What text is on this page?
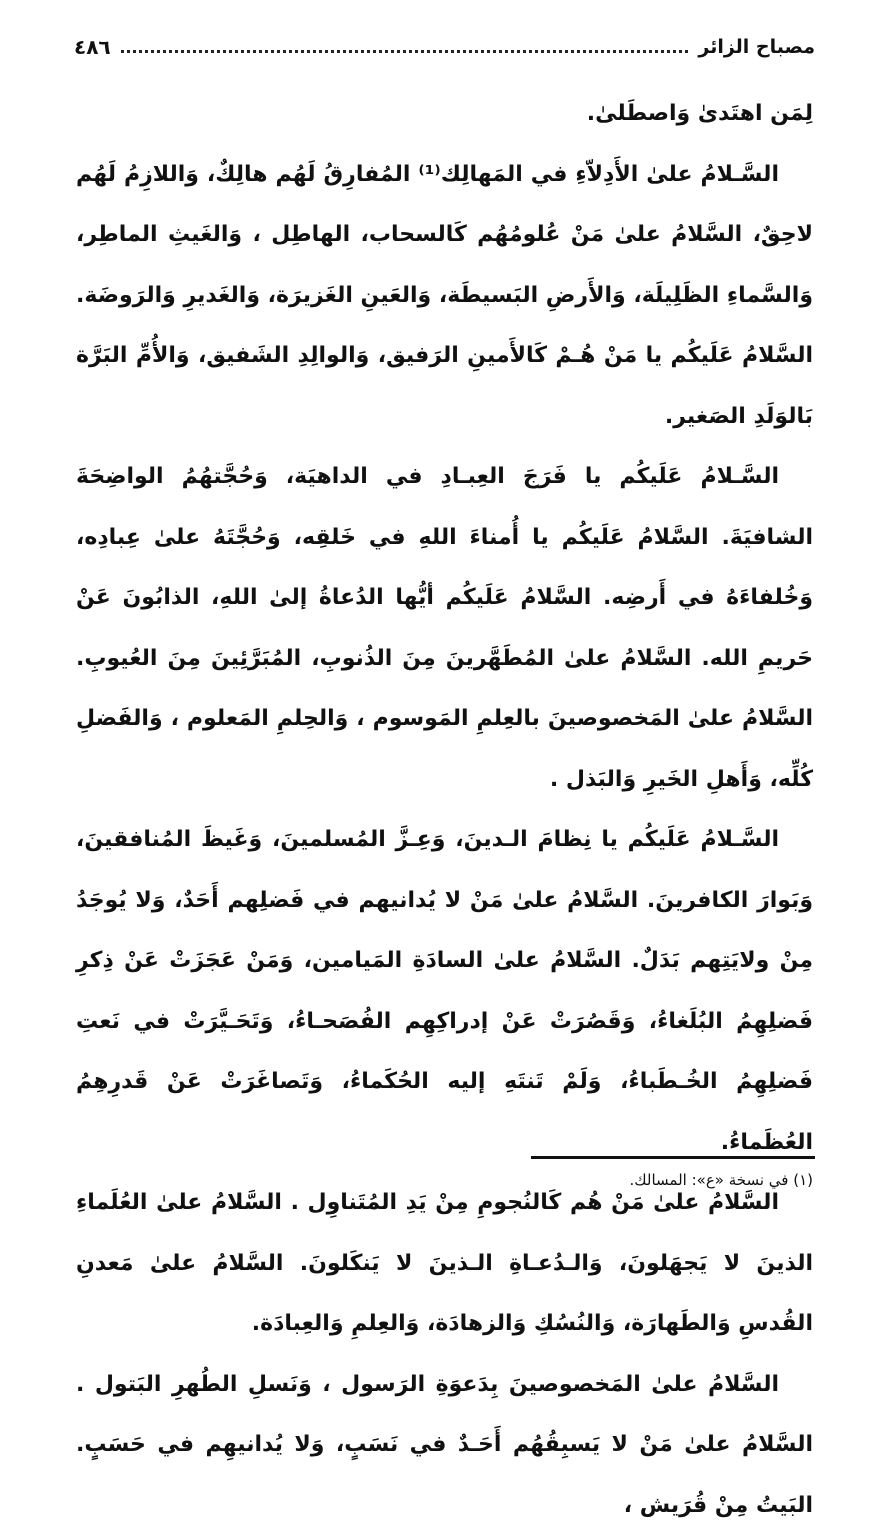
مصباح الزائر
٤٨٦

لِمَن اهتَدىٰ وَاصطَلىٰ.

السَّـلامُ علىٰ الأَدِلاّءِ في المَهالِك⁽¹⁾ المُفارِقُ لَهُم هالِكٌ، وَاللازِمُ لَهُم لاحِقٌ، السَّلامُ علىٰ مَنْ عُلومُهُم كَالسحاب، الهاطِل ، وَالغَيثِ الماطِر، وَالسَّماءِ الظَلِيلَة، وَالأَرضِ البَسيطَة، وَالعَينِ الغَزيرَة، وَالغَديرِ وَالرَوضَة. السَّلامُ عَلَيكُم يا مَنْ هُـمْ كَالأَمينِ الرَفيق، وَالوالِدِ الشَفيق، وَالأُمِّ البَرَّة بَالوَلَدِ الصَغير.

السَّـلامُ عَلَيكُم يا فَرَجَ العِبـادِ في الداهيَة، وَحُجَّتهُمُ الواضِحَةَ الشافيَةَ. السَّلامُ عَلَيكُم يا أُمناءَ اللهِ في خَلقِه، وَحُجَّتَهُ علىٰ عِبادِه، وَخُلفاءَهُ في أَرضِه. السَّلامُ عَلَيكُم أيُّها الدُعاةُ إلىٰ اللهِ، الذابُونَ عَنْ حَريمِ الله. السَّلامُ علىٰ المُطَهَّرينَ مِنَ الذُنوبِ، المُبَرَّئِينَ مِنَ العُيوبِ. السَّلامُ علىٰ المَخصوصينَ بالعِلمِ المَوسوم ، وَالحِلمِ المَعلوم ، وَالفَضلِ كُلِّه، وَأَهلِ الخَيرِ وَالبَذل .

السَّـلامُ عَلَيكُم يا نِظامَ الـدينَ، وَعِـزَّ المُسلمينَ، وَغَيظَ المُنافقينَ، وَبَوارَ الكافرينَ. السَّلامُ علىٰ مَنْ لا يُدانيهم في فَضلِهم أَحَدٌ، وَلا يُوجَدُ مِنْ ولايَتِهم بَدَلٌ. السَّلامُ علىٰ السادَةِ المَيامين، وَمَنْ عَجَزَتْ عَنْ ذِكرِ فَضلِهِمُ البُلَغاءُ، وَقَصُرَتْ عَنْ إدراكِهِم الفُصَحـاءُ، وَتَحَـيَّرَتْ في نَعتِ فَضلِهِمُ الخُـطَباءُ، وَلَمْ تَنتَهِ إليه الحُكَماءُ، وَتَصاغَرَتْ عَنْ قَدرِهِمُ العُظَماءُ.

السَّلامُ علىٰ مَنْ هُم كَالنُجومِ مِنْ يَدِ المُتَناوِل . السَّلامُ علىٰ العُلَماءِ الذينَ لا يَجهَلونَ، وَالـدُعـاةِ الـذينَ لا يَنكَلونَ. السَّلامُ علىٰ مَعدنِ القُدسِ وَالطَهارَة، وَالنُسُكِ وَالزهادَة، وَالعِلمِ وَالعِبادَة.

السَّلامُ علىٰ المَخصوصينَ بِدَعوَةِ الرَسول ، وَنَسلِ الطُهرِ البَتول . السَّلامُ علىٰ مَنْ لا يَسبِقُهُم أَحَـدٌ في نَسَبٍ، وَلا يُدانيهِم في حَسَبٍ. البَيتُ مِنْ قُرَيش ،

(١) في نسخة «ع»: المسالك.
